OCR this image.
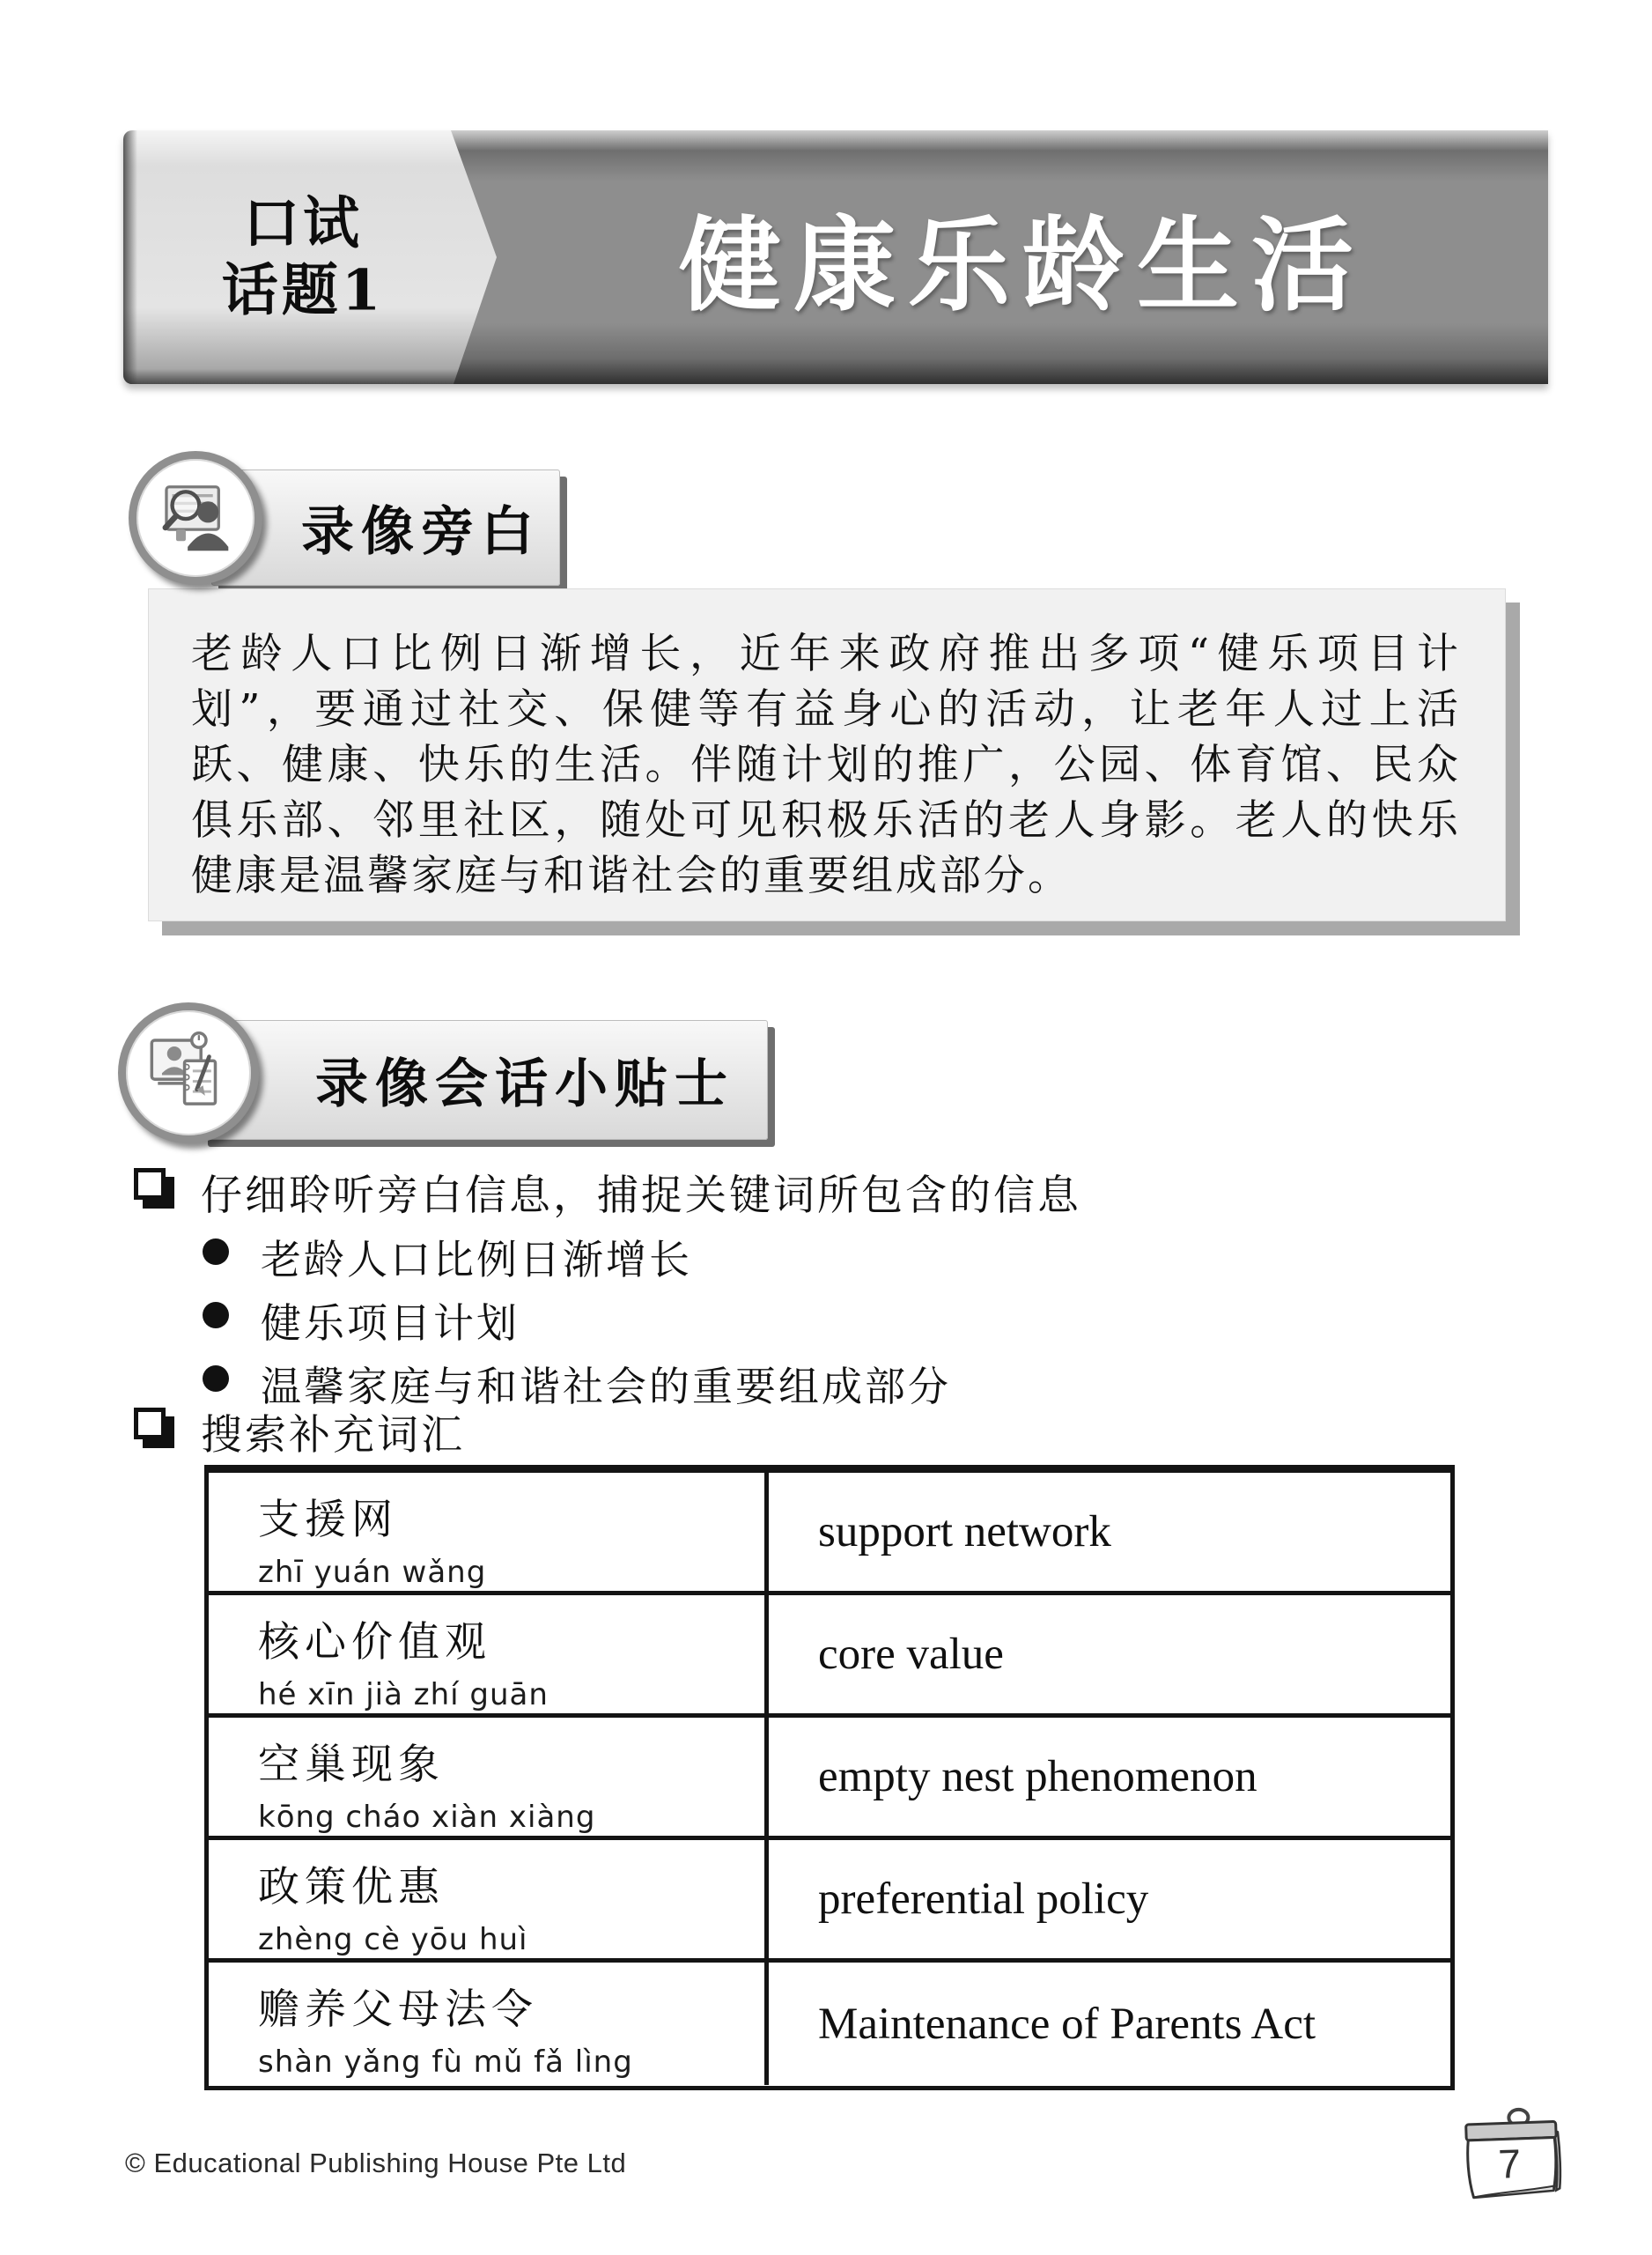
口试
话题1	健康乐龄生活
录像旁白
老龄人口比例日渐增长，近年来政府推出多项“健乐项目计
划”，要通过社交、保健等有益身心的活动，让老年人过上活
跃、健康、快乐的生活。伴随计划的推广，公园、体育馆、民众
俱乐部、邻里社区，随处可见积极乐活的老人身影。老人的快乐
健康是温馨家庭与和谐社会的重要组成部分。
录像会话小贴士
仔细聆听旁白信息，捕捉关键词所包含的信息
老龄人口比例日渐增长
健乐项目计划
温馨家庭与和谐社会的重要组成部分
搜索补充词汇
支援网
zhī yuán wǎng
support network
核心价值观
hé xīn jià zhí guān
core value
空巢现象
kōng cháo xiàn xiàng
empty nest phenomenon
政策优惠
zhèng cè yōu huì
preferential policy
赡养父母法令
shàn yǎng fù mǔ fǎ lìng
Maintenance of Parents Act
© Educational Publishing House Pte Ltd	7
